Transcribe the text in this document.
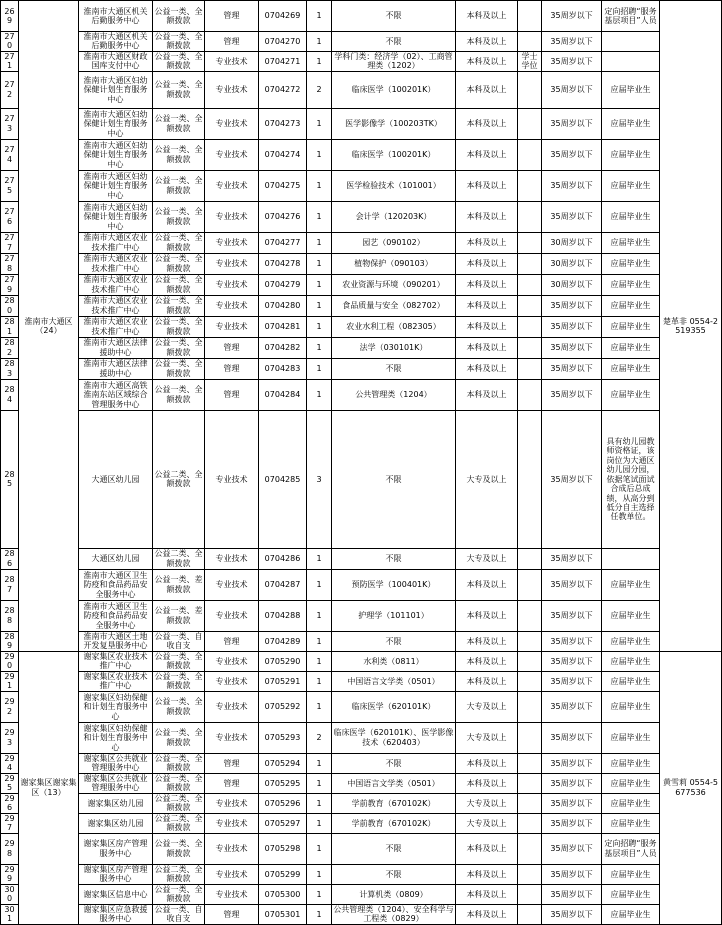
269	淮南市大通区（24）	淮南市大通区机关后勤服务中心	公益一类、全额拨款	管理	0704269	1	不限	本科及以上		35周岁以下	定向招聘“服务基层项目”人员	楚革非 0554-2519355
270		淮南市大通区机关后勤服务中心	公益一类、全额拨款	管理	0704270	1	不限	本科及以上		35周岁以下		
271		淮南市大通区财政国库支付中心	公益一类、全额拨款	专业技术	0704271	1	学科门类：经济学（02）、工商管理类（1202）	本科及以上	学士学位	35周岁以下		
272		淮南市大通区妇幼保健计划生育服务中心	公益一类、全额拨款	专业技术	0704272	2	临床医学（100201K）	本科及以上		35周岁以下	应届毕业生	
273		淮南市大通区妇幼保健计划生育服务中心	公益一类、全额拨款	专业技术	0704273	1	医学影像学（100203TK）	本科及以上		35周岁以下	应届毕业生	
274		淮南市大通区妇幼保健计划生育服务中心	公益一类、全额拨款	专业技术	0704274	1	临床医学（100201K）	本科及以上		35周岁以下	应届毕业生	
275		淮南市大通区妇幼保健计划生育服务中心	公益一类、全额拨款	专业技术	0704275	1	医学检验技术（101001）	本科及以上		35周岁以下	应届毕业生	
276		淮南市大通区妇幼保健计划生育服务中心	公益一类、全额拨款	专业技术	0704276	1	会计学（120203K）	本科及以上		35周岁以下	应届毕业生	
277		淮南市大通区农业技术推广中心	公益一类、全额拨款	专业技术	0704277	1	园艺（090102）	本科及以上		30周岁以下	应届毕业生	
278		淮南市大通区农业技术推广中心	公益一类、全额拨款	专业技术	0704278	1	植物保护（090103）	本科及以上		30周岁以下	应届毕业生	
279		淮南市大通区农业技术推广中心	公益一类、全额拨款	专业技术	0704279	1	农业资源与环境（090201）	本科及以上		30周岁以下	应届毕业生	
280		淮南市大通区农业技术推广中心	公益一类、全额拨款	专业技术	0704280	1	食品质量与安全（082702）	本科及以上		35周岁以下	应届毕业生	
281		淮南市大通区农业技术推广中心	公益一类、全额拨款	专业技术	0704281	1	农业水利工程（082305）	本科及以上		35周岁以下	应届毕业生	
282		淮南市大通区法律援助中心	公益一类、全额拨款	管理	0704282	1	法学（030101K）	本科及以上		35周岁以下	应届毕业生	
283		淮南市大通区法律援助中心	公益一类、全额拨款	管理	0704283	1	不限	本科及以上		35周岁以下	应届毕业生	
284		淮南市大通区高铁淮南东站区域综合管理服务中心	公益一类、全额拨款	管理	0704284	1	公共管理类（1204）	本科及以上		35周岁以下	应届毕业生	
285		大通区幼儿园	公益二类、全额拨款	专业技术	0704285	3	不限	大专及以上		35周岁以下	具有幼儿园教师资格证，该岗位为大通区幼儿园分园，依据笔试面试合成后总成绩，从高分到低分自主选择任教单位。	
286		大通区幼儿园	公益二类、全额拨款	专业技术	0704286	1	不限	大专及以上		35周岁以下		
287		淮南市大通区卫生防疫和食品药品安全服务中心	公益一类、差额拨款	专业技术	0704287	1	预防医学（100401K）	本科及以上		35周岁以下	应届毕业生	
288		淮南市大通区卫生防疫和食品药品安全服务中心	公益一类、差额拨款	专业技术	0704288	1	护理学（101101）	本科及以上		35周岁以下	应届毕业生	
289		淮南市大通区土地开发复垦服务中心	公益一类、自收自支	管理	0704289	1	不限	本科及以上		35周岁以下	应届毕业生	
290	谢家集区谢家集区（13）	谢家集区农业技术推广中心	公益一类、全额拨款	专业技术	0705290	1	水利类（0811）	本科及以上		35周岁以下	应届毕业生	黄雪莉 0554-5677536
291		谢家集区农业技术推广中心	公益一类、全额拨款	专业技术	0705291	1	中国语言文学类（0501）	本科及以上		35周岁以下	应届毕业生	
292		谢家集区妇幼保健和计划生育服务中心	公益一类、全额拨款	专业技术	0705292	1	临床医学（620101K）	大专及以上		35周岁以下	应届毕业生	
293		谢家集区妇幼保健和计划生育服务中心	公益一类、全额拨款	专业技术	0705293	2	临床医学（620101K）、医学影像技术（620403）	大专及以上		35周岁以下	应届毕业生	
294		谢家集区公共就业管理服务中心	公益一类、全额拨款	管理	0705294	1	不限	本科及以上		35周岁以下	应届毕业生	
295		谢家集区公共就业管理服务中心	公益一类、全额拨款	管理	0705295	1	中国语言文学类（0501）	本科及以上		35周岁以下	应届毕业生	
296		谢家集区幼儿园	公益二类、全额拨款	专业技术	0705296	1	学前教育（670102K）	大专及以上		35周岁以下	应届毕业生	
297		谢家集区幼儿园	公益二类、全额拨款	专业技术	0705297	1	学前教育（670102K）	大专及以上		35周岁以下	应届毕业生	
298		谢家集区房产管理服务中心	公益一类、全额拨款	专业技术	0705298	1	不限	本科及以上		35周岁以下	定向招聘“服务基层项目”人员	
299		谢家集区房产管理服务中心	公益二类、全额拨款	专业技术	0705299	1	不限	本科及以上		35周岁以下	应届毕业生	
300		谢家集区信息中心	公益一类、全额拨款	专业技术	0705300	1	计算机类（0809）	本科及以上		35周岁以下	应届毕业生	
301		谢家集区应急救援服务中心	公益一类、自收自支	管理	0705301	1	公共管理类（1204）、安全科学与工程类（0829）	本科及以上		35周岁以下	应届毕业生	
